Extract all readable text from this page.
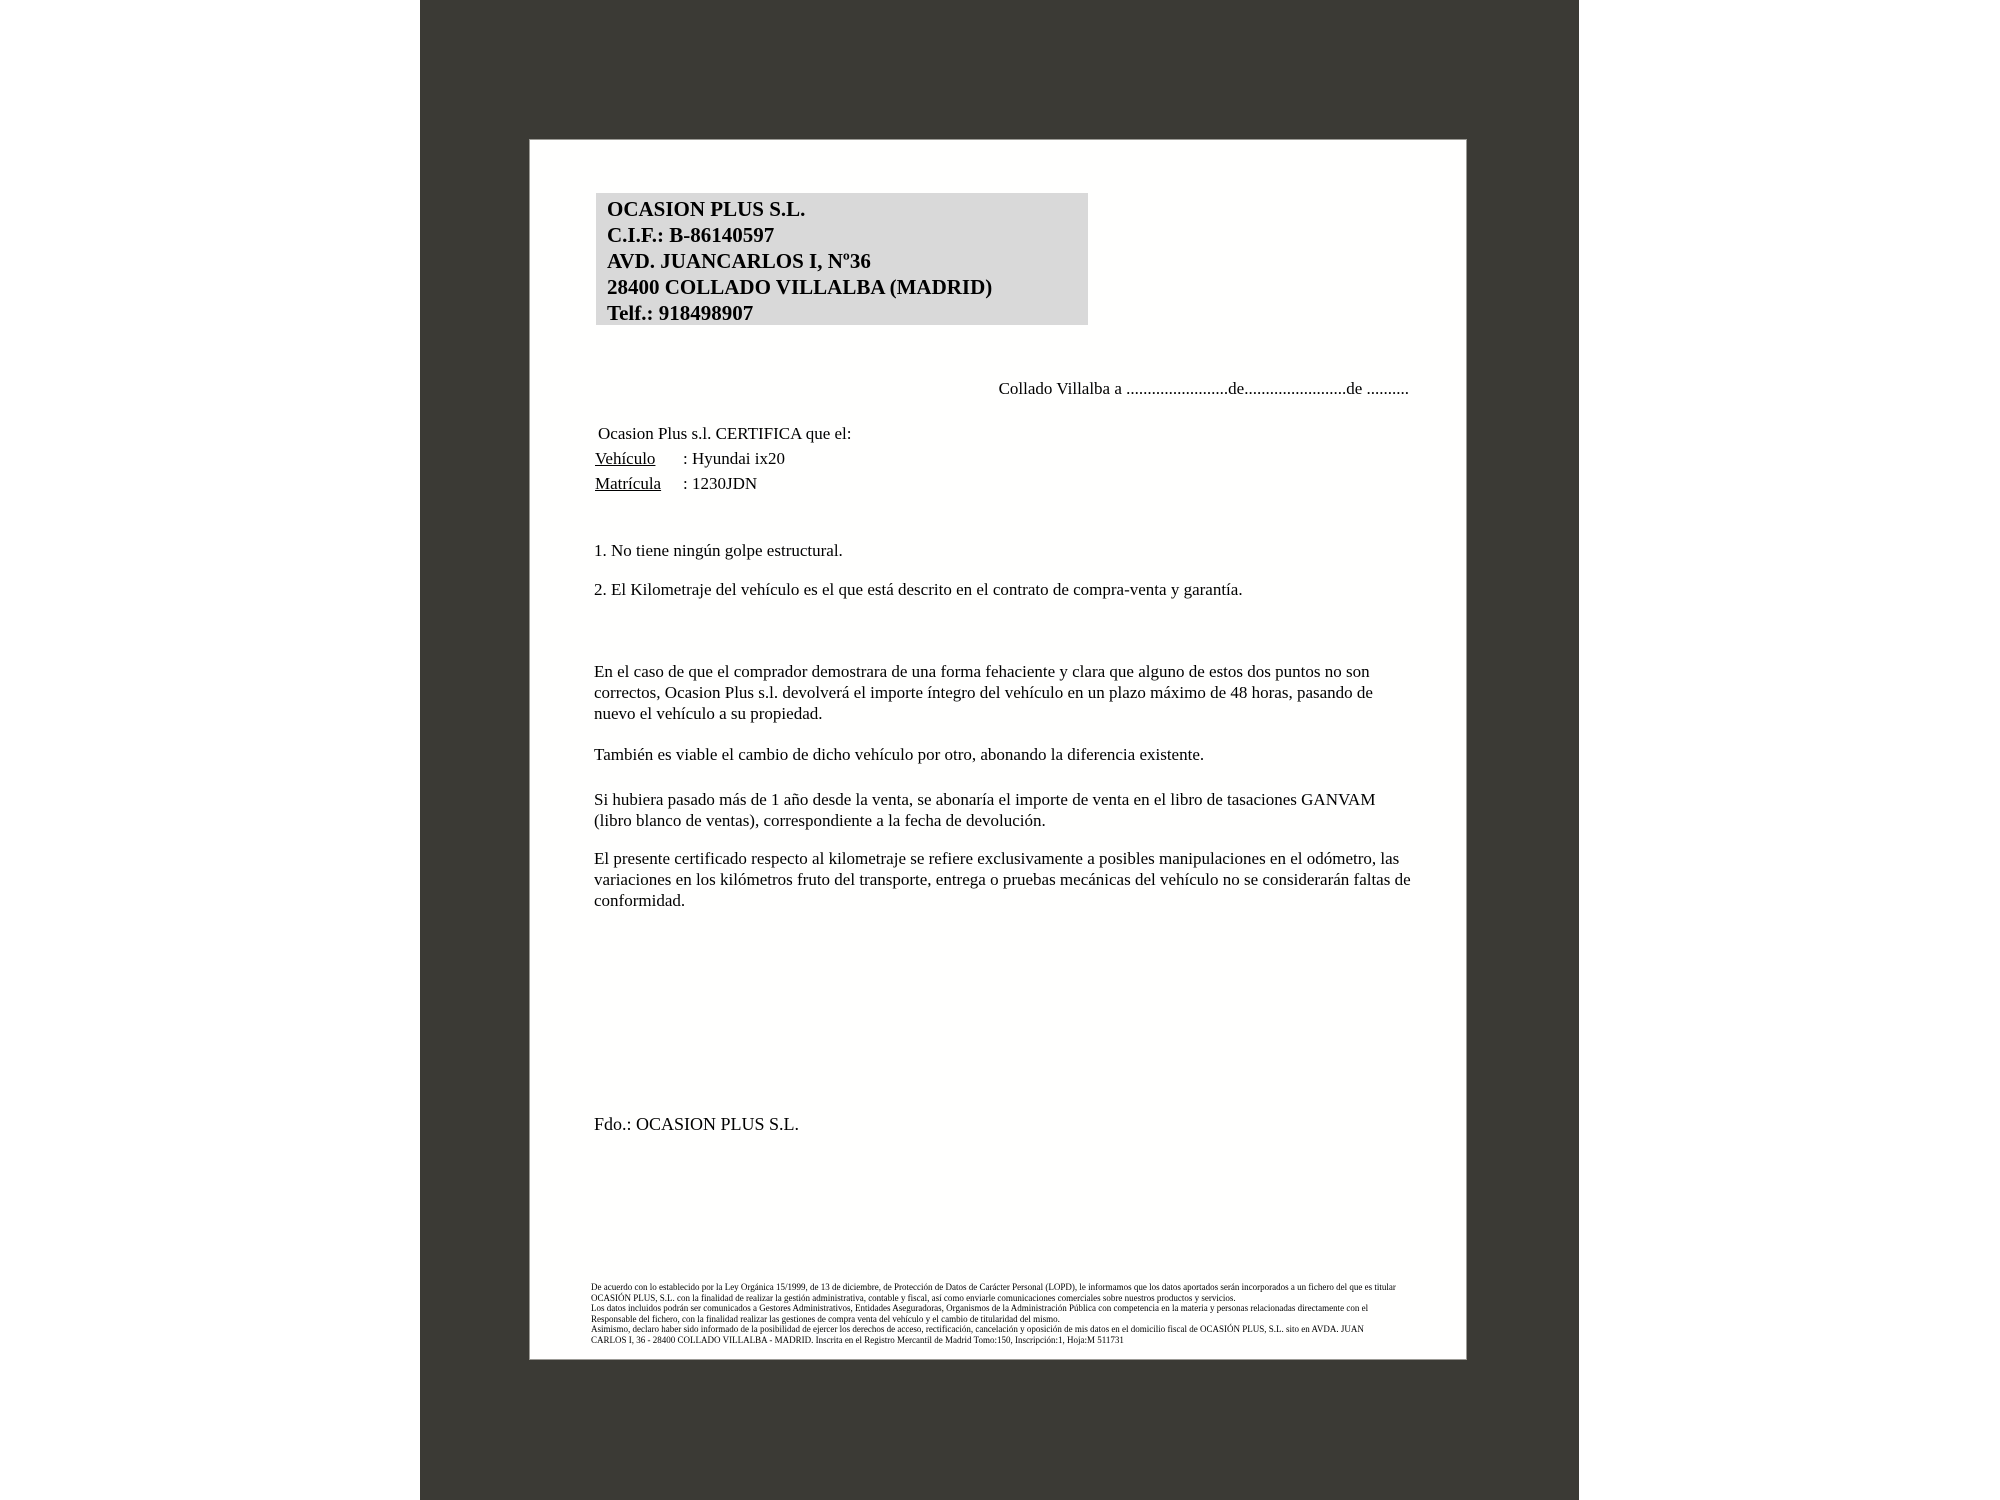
OCASION PLUS S.L.
C.I.F.: B-86140597
AVD. JUANCARLOS I, Nº36
28400 COLLADO VILLALBA (MADRID)
Telf.: 918498907
Collado Villalba a ........................de........................de ..........
Ocasion Plus s.l. CERTIFICA que el:
Vehículo : Hyundai ix20
Matrícula : 1230JDN
1. No tiene ningún golpe estructural.
2. El Kilometraje del vehículo es el que está descrito en el contrato de compra-venta y garantía.
En el caso de que el comprador demostrara de una forma fehaciente y clara que alguno de estos dos puntos no son correctos, Ocasion Plus s.l. devolverá el importe íntegro del vehículo en un plazo máximo de 48 horas, pasando de nuevo el vehículo a su propiedad.
También es viable el cambio de dicho vehículo por otro, abonando la diferencia existente.
Si hubiera pasado más de 1 año desde la venta, se abonaría el importe de venta en el libro de tasaciones GANVAM (libro blanco de ventas), correspondiente a la fecha de devolución.
El presente certificado respecto al kilometraje se refiere exclusivamente a posibles manipulaciones en el odómetro, las variaciones en los kilómetros fruto del transporte, entrega o pruebas mecánicas del vehículo no se considerarán faltas de conformidad.
Fdo.: OCASION PLUS S.L.
De acuerdo con lo establecido por la Ley Orgánica 15/1999, de 13 de diciembre, de Protección de Datos de Carácter Personal (LOPD), le informamos que los datos aportados serán incorporados a un fichero del que es titular
OCASIÓN PLUS, S.L. con la finalidad de realizar la gestión administrativa, contable y fiscal, así como enviarle comunicaciones comerciales sobre nuestros productos y servicios.
Los datos incluidos podrán ser comunicados a Gestores Administrativos, Entidades Aseguradoras, Organismos de la Administración Pública con competencia en la materia y personas relacionadas directamente con el
Responsable del fichero, con la finalidad realizar las gestiones de compra venta del vehículo y el cambio de titularidad del mismo.
Asimismo, declaro haber sido informado de la posibilidad de ejercer los derechos de acceso, rectificación, cancelación y oposición de mis datos en el domicilio fiscal de OCASIÓN PLUS, S.L. sito en AVDA. JUAN
CARLOS I, 36 - 28400 COLLADO VILLALBA - MADRID. Inscrita en el Registro Mercantil de Madrid Tomo:150, Inscripción:1, Hoja:M 511731
